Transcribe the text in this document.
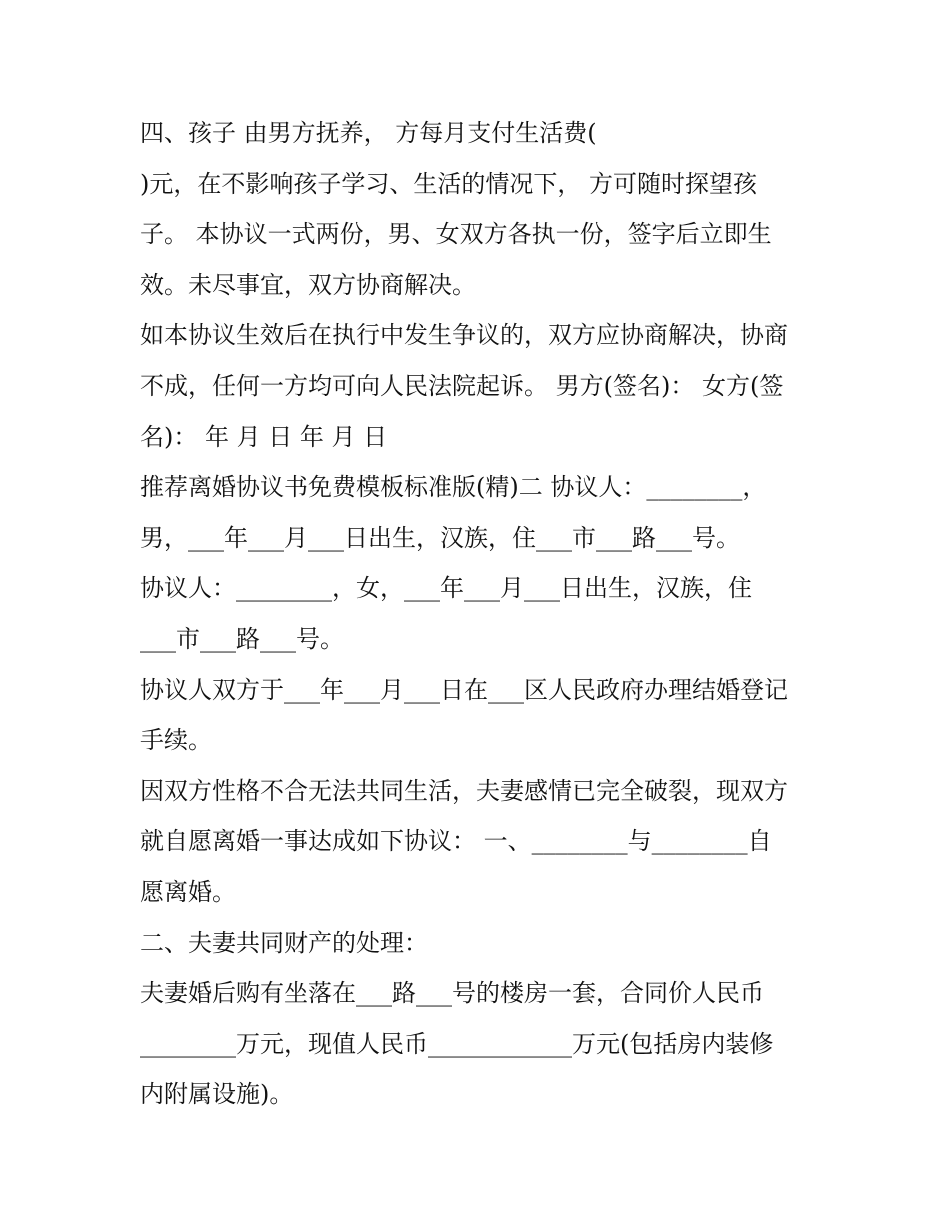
四、孩子 由男方抚养， 方每月支付生活费(
)元，在不影响孩子学习、生活的情况下， 方可随时探望孩
子。 本协议一式两份，男、女双方各执一份，签字后立即生
效。未尽事宜，双方协商解决。
如本协议生效后在执行中发生争议的，双方应协商解决，协商
不成，任何一方均可向人民法院起诉。 男方(签名)： 女方(签
名)： 年 月 日 年 月 日
推荐离婚协议书免费模板标准版(精)二 协议人：________，
男，___年___月___日出生，汉族，住___市___路___号。
协议人：________，女，___年___月___日出生，汉族，住
___市___路___号。
协议人双方于___年___月___日在___区人民政府办理结婚登记
手续。
因双方性格不合无法共同生活，夫妻感情已完全破裂，现双方
就自愿离婚一事达成如下协议： 一、________与________自
愿离婚。
二、夫妻共同财产的处理：
夫妻婚后购有坐落在___路___号的楼房一套，合同价人民币
________万元，现值人民币____________万元(包括房内装修
内附属设施)。
